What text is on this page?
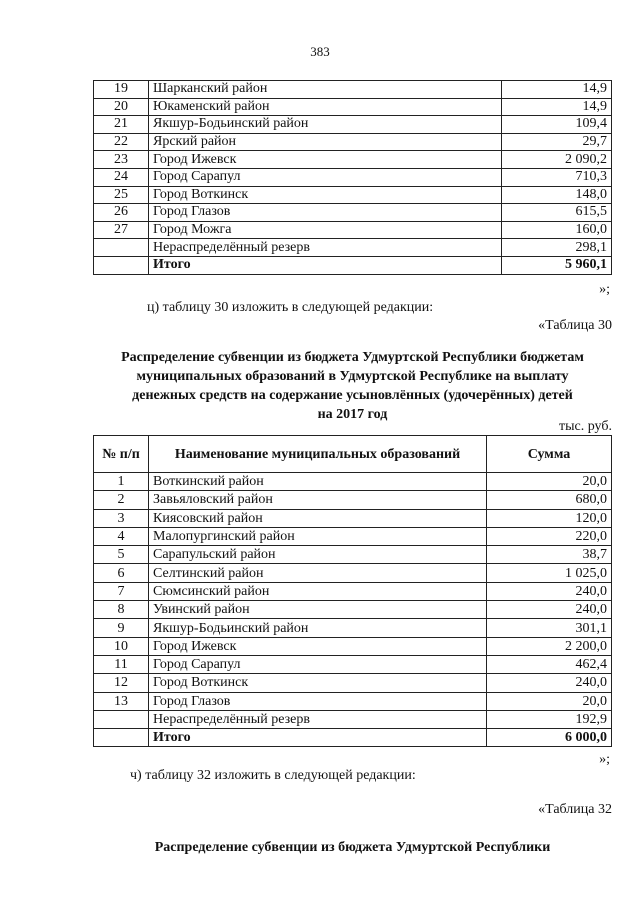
383
19	Шарканский район	14,9
20	Юкаменский район	14,9
21	Якшур-Бодьинский район	109,4
22	Ярский район	29,7
23	Город Ижевск	2 090,2
24	Город Сарапул	710,3
25	Город Воткинск	148,0
26	Город Глазов	615,5
27	Город Можга	160,0
	Нераспределённый резерв	298,1
	Итого	5 960,1
»;
ц) таблицу 30 изложить в следующей редакции:
«Таблица 30
Распределение субвенции из бюджета Удмуртской Республики бюджетам
муниципальных образований в Удмуртской Республике на выплату
денежных средств на содержание усыновлённых (удочерённых) детей
на 2017 год
тыс. руб.
№ п/п	Наименование муниципальных образований	Сумма
1	Воткинский район	20,0
2	Завьяловский район	680,0
3	Киясовский район	120,0
4	Малопургинский район	220,0
5	Сарапульский район	38,7
6	Селтинский район	1 025,0
7	Сюмсинский район	240,0
8	Увинский район	240,0
9	Якшур-Бодьинский район	301,1
10	Город Ижевск	2 200,0
11	Город Сарапул	462,4
12	Город Воткинск	240,0
13	Город Глазов	20,0
	Нераспределённый резерв	192,9
	Итого	6 000,0
»;
ч) таблицу 32 изложить в следующей редакции:
«Таблица 32
Распределение субвенции из бюджета Удмуртской Республики
